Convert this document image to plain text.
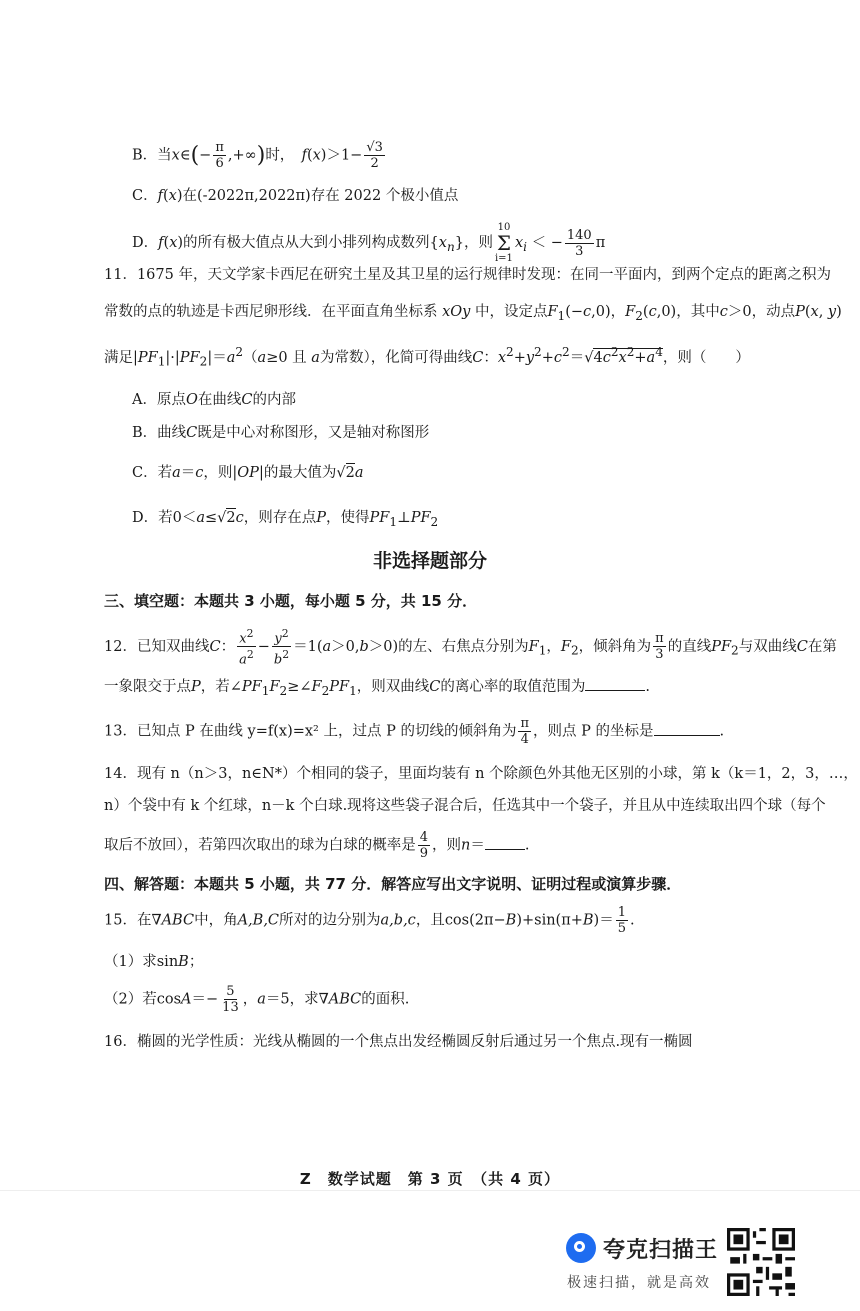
B．当x∈(− $\frac{\pi}{6}$ ,+∞)时，　 $f(x)>1- \frac{√3}{2}$
C．f(x)在(-2022π,2022π)存在 2022 个极小值点
D．f(x)的所有极大值点从大到小排列构成数列$\{x_n\}$，则
10
Σ
i=1
$x_i$ ＜ − $\frac{140}{3}$ π
11．1675 年，天文学家卡西尼在研究土星及其卫星的运行规律时发现：在同一平面内，到两个定点的距离之积为
常数的点的轨迹是卡西尼卵形线．在平面直角坐标系 xOy 中，设定点$F_1(-c,0)$，$F_2(c,0)$，其中c＞0，动点P(x, y)
满足$|PF_1|\cdot|PF_2|=a^2(a\ge 0$ 且 a为常数），化简可得曲线C：$x^2+y^2+c^2=√4c^2x^2+a^4$，则（　　）
A．原点O在曲线C的内部
B．曲线C既是中心对称图形，又是轴对称图形
C．若a＝c，则|OP|的最大值为√2a
D．若0＜a≤√2c，则存在点P，使得$PF_1\perp PF_2$
非选择题部分
三、填空题：本题共 3 小题，每小题 5 分，共 15 分．
12．已知双曲线C： $\frac{x^2}{a^2} - \frac{y^2}{b^2} =1(a>0,b>0)$的左、右焦点分别为$F_1$，$F_2$，倾斜角为 $\frac{\pi}{3}$ 的直线$PF_2$与双曲线C在第
一象限交于点P，若$\angle PF_1F_2\ge\angle F_2PF_1$，则双曲线C的离心率的取值范围为	.
13．已知点 P 在曲线 y=f(x)=x² 上，过点 P 的切线的倾斜角为 $\frac{\pi}{4}$ ，则点 P 的坐标是	.
14．现有 n（n＞3，n∈N*）个相同的袋子，里面均装有 n 个除颜色外其他无区别的小球，第 k（k＝1，2，3，…，
n）个袋中有 k 个红球，n－k 个白球.现将这些袋子混合后，任选其中一个袋子，并且从中连续取出四个球（每个
取后不放回），若第四次取出的球为白球的概率是 $\frac{4}{9}$ ，则n＝	.
四、解答题：本题共 5 小题，共 77 分．解答应写出文字说明、证明过程或演算步骤．
15．在∇ABC中，角A,B,C所对的边分别为a,b,c，且$\cos(2\pi-B)+\sin(\pi+B)= \frac{1}{5}$ .
（1）求sinB；
（2）若$\cos A=- \frac{5}{13}$ ，a＝5，求∇ABC的面积.
16．椭圆的光学性质：光线从椭圆的一个焦点出发经椭圆反射后通过另一个焦点.现有一椭圆
Z　数学试题　第 3 页　（共 4 页）
夸克扫描王
极速扫描，就是高效
